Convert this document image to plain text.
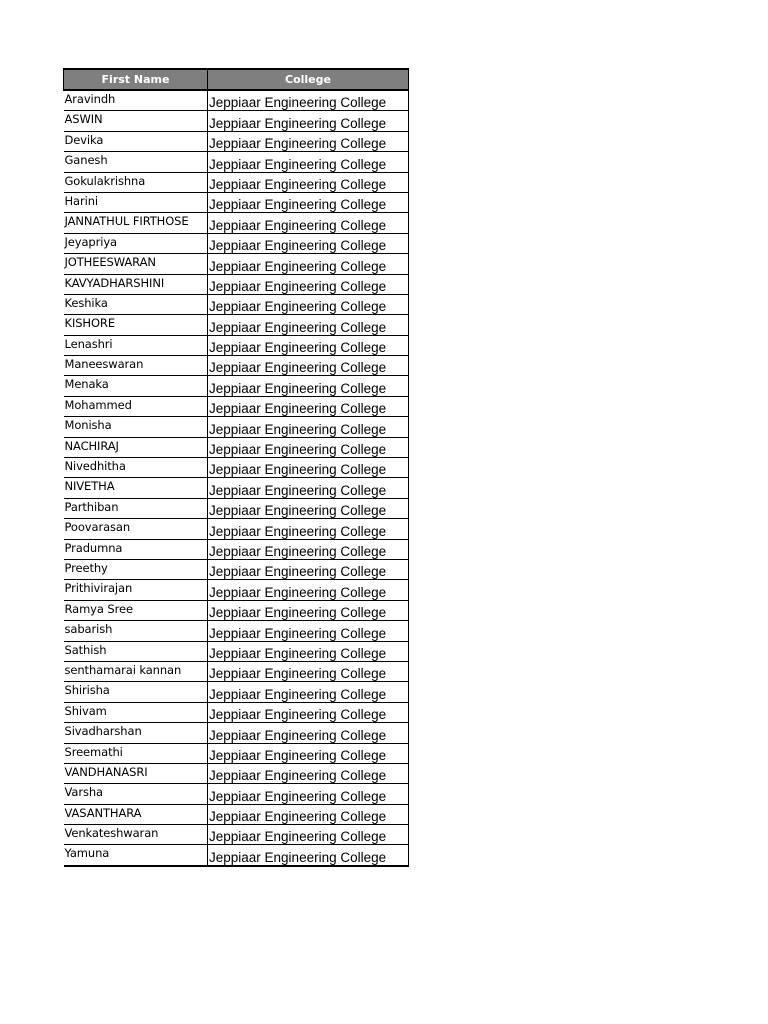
First Name	College
Aravindh	Jeppiaar Engineering College
ASWIN	Jeppiaar Engineering College
Devika	Jeppiaar Engineering College
Ganesh	Jeppiaar Engineering College
Gokulakrishna	Jeppiaar Engineering College
Harini	Jeppiaar Engineering College
JANNATHUL FIRTHOSE	Jeppiaar Engineering College
Jeyapriya	Jeppiaar Engineering College
JOTHEESWARAN	Jeppiaar Engineering College
KAVYADHARSHINI	Jeppiaar Engineering College
Keshika	Jeppiaar Engineering College
KISHORE	Jeppiaar Engineering College
Lenashri	Jeppiaar Engineering College
Maneeswaran	Jeppiaar Engineering College
Menaka	Jeppiaar Engineering College
Mohammed	Jeppiaar Engineering College
Monisha	Jeppiaar Engineering College
NACHIRAJ	Jeppiaar Engineering College
Nivedhitha	Jeppiaar Engineering College
NIVETHA	Jeppiaar Engineering College
Parthiban	Jeppiaar Engineering College
Poovarasan	Jeppiaar Engineering College
Pradumna	Jeppiaar Engineering College
Preethy	Jeppiaar Engineering College
Prithivirajan	Jeppiaar Engineering College
Ramya Sree	Jeppiaar Engineering College
sabarish	Jeppiaar Engineering College
Sathish	Jeppiaar Engineering College
senthamarai kannan	Jeppiaar Engineering College
Shirisha	Jeppiaar Engineering College
Shivam	Jeppiaar Engineering College
Sivadharshan	Jeppiaar Engineering College
Sreemathi	Jeppiaar Engineering College
VANDHANASRI	Jeppiaar Engineering College
Varsha	Jeppiaar Engineering College
VASANTHARA	Jeppiaar Engineering College
Venkateshwaran	Jeppiaar Engineering College
Yamuna	Jeppiaar Engineering College
